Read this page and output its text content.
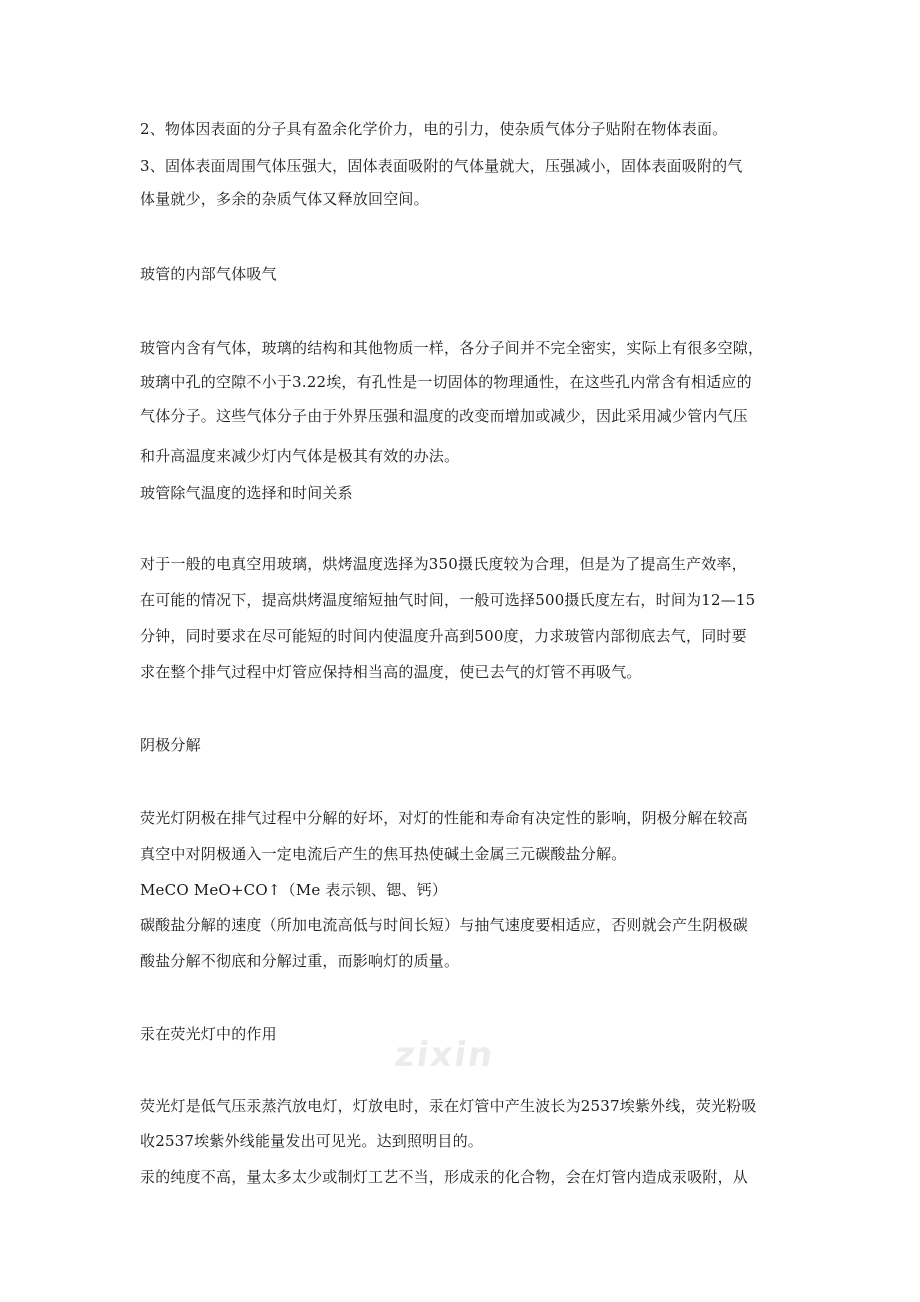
2、物体因表面的分子具有盈余化学价力，电的引力，使杂质气体分子贴附在物体表面。
3、固体表面周围气体压强大，固体表面吸附的气体量就大，压强减小，固体表面吸附的气
体量就少，多余的杂质气体又释放回空间。
玻管的内部气体吸气
玻管内含有气体，玻璃的结构和其他物质一样，各分子间并不完全密实，实际上有很多空隙，
玻璃中孔的空隙不小于3.22埃，有孔性是一切固体的物理通性，在这些孔内常含有相适应的
气体分子。这些气体分子由于外界压强和温度的改变而增加或减少，因此采用减少管内气压
和升高温度来减少灯内气体是极其有效的办法。
玻管除气温度的选择和时间关系
对于一般的电真空用玻璃，烘烤温度选择为350摄氏度较为合理，但是为了提高生产效率，
在可能的情况下，提高烘烤温度缩短抽气时间，一般可选择500摄氏度左右，时间为12—15
分钟，同时要求在尽可能短的时间内使温度升高到500度，力求玻管内部彻底去气，同时要
求在整个排气过程中灯管应保持相当高的温度，使已去气的灯管不再吸气。
阴极分解
荧光灯阴极在排气过程中分解的好坏，对灯的性能和寿命有决定性的影响，阴极分解在较高
真空中对阴极通入一定电流后产生的焦耳热使碱土金属三元碳酸盐分解。
MeCO MeO+CO↑（Me 表示钡、锶、钙）
碳酸盐分解的速度（所加电流高低与时间长短）与抽气速度要相适应，否则就会产生阴极碳
酸盐分解不彻底和分解过重，而影响灯的质量。
汞在荧光灯中的作用
荧光灯是低气压汞蒸汽放电灯，灯放电时，汞在灯管中产生波长为2537埃紫外线，荧光粉吸
收2537埃紫外线能量发出可见光。达到照明目的。
汞的纯度不高，量太多太少或制灯工艺不当，形成汞的化合物，会在灯管内造成汞吸附，从
zixin
